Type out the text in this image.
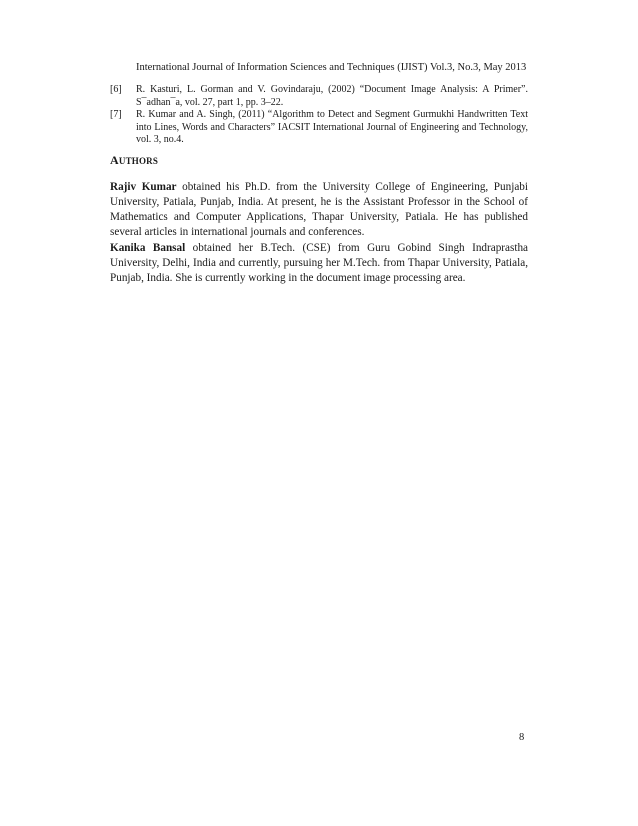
International Journal of Information Sciences and Techniques (IJIST) Vol.3, No.3, May 2013
[6] R. Kasturi, L. Gorman and V. Govindaraju, (2002) “Document Image Analysis: A Primer”. S¯adhan¯a, vol. 27, part 1, pp. 3–22.
[7] R. Kumar and A. Singh, (2011) “Algorithm to Detect and Segment Gurmukhi Handwritten Text into Lines, Words and Characters” IACSIT International Journal of Engineering and Technology, vol. 3, no.4.
AUTHORS
Rajiv Kumar obtained his Ph.D. from the University College of Engineering, Punjabi University, Patiala, Punjab, India. At present, he is the Assistant Professor in the School of Mathematics and Computer Applications, Thapar University, Patiala. He has published several articles in international journals and conferences.
Kanika Bansal obtained her B.Tech. (CSE) from Guru Gobind Singh Indraprastha University, Delhi, India and currently, pursuing her M.Tech. from Thapar University, Patiala, Punjab, India. She is currently working in the document image processing area.
8
